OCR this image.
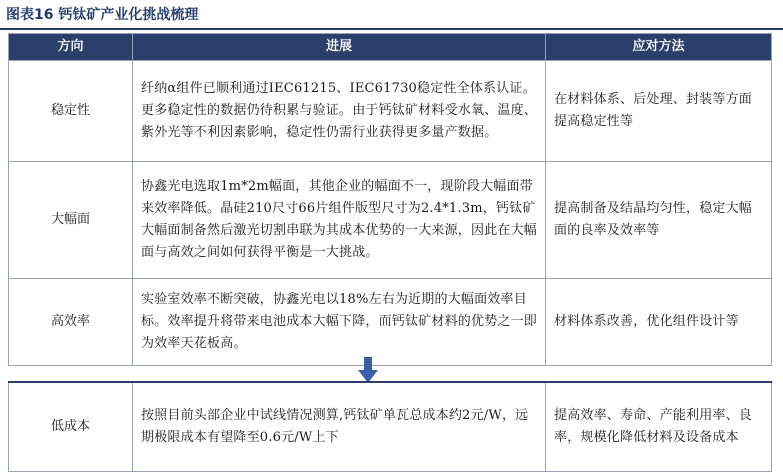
图表16 钙钛矿产业化挑战梳理
方向	进展	应对方法
稳定性	纤纳α组件已顺利通过IEC61215、IEC61730稳定性全体系认证。更多稳定性的数据仍待积累与验证。由于钙钛矿材料受水氧、温度、紫外光等不利因素影响，稳定性仍需行业获得更多量产数据。	在材料体系、后处理、封装等方面提高稳定性等
大幅面	协鑫光电选取1m*2m幅面，其他企业的幅面不一，现阶段大幅面带来效率降低。晶硅210尺寸66片组件版型尺寸为2.4*1.3m，钙钛矿大幅面制备然后激光切割串联为其成本优势的一大来源，因此在大幅面与高效之间如何获得平衡是一大挑战。	提高制备及结晶均匀性，稳定大幅面的良率及效率等
高效率	实验室效率不断突破，协鑫光电以18%左右为近期的大幅面效率目标。效率提升将带来电池成本大幅下降，而钙钛矿材料的优势之一即为效率天花板高。	材料体系改善，优化组件设计等
低成本	按照目前头部企业中试线情况测算,钙钛矿单瓦总成本约2元/W，远期极限成本有望降至0.6元/W上下	提高效率、寿命、产能利用率、良率，规模化降低材料及设备成本
